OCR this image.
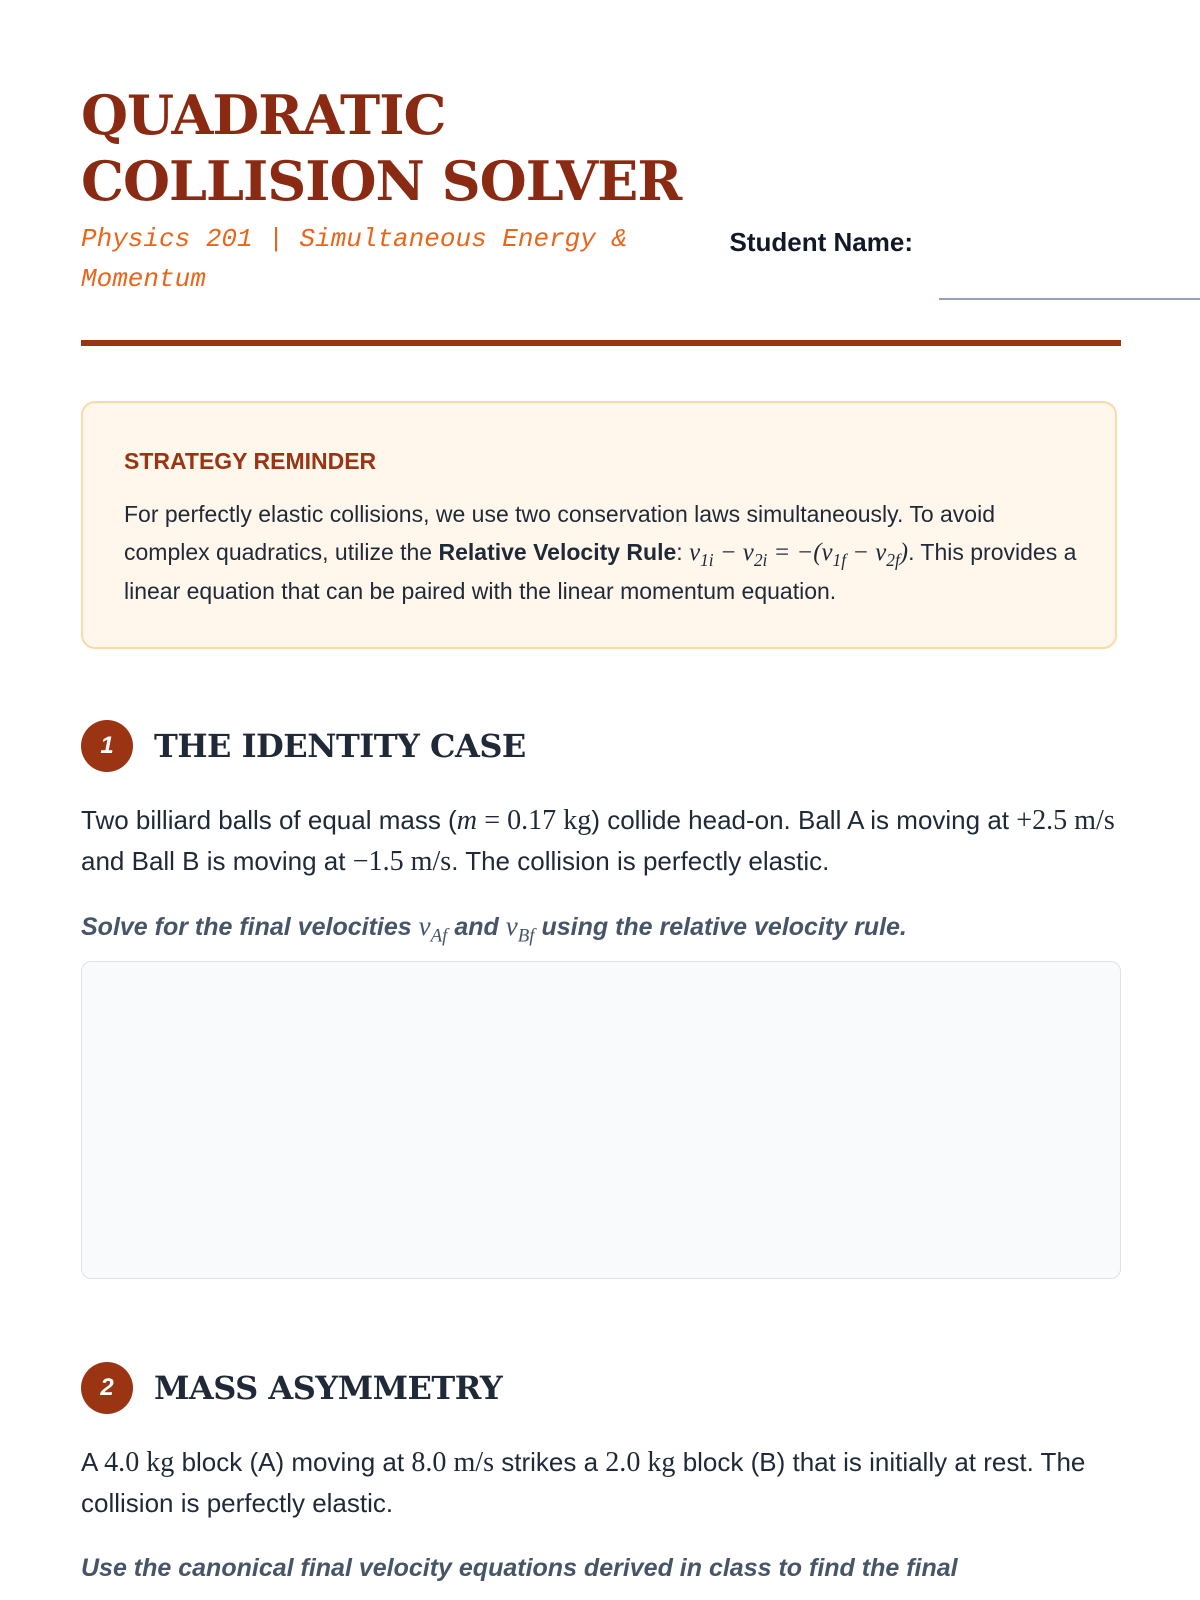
QUADRATIC
COLLISION SOLVER
Physics 201 | Simultaneous Energy & Momentum
Student Name:
STRATEGY REMINDER
For perfectly elastic collisions, we use two conservation laws simultaneously. To avoid complex quadratics, utilize the Relative Velocity Rule: $v_{1i} - v_{2i} = -(v_{1f} - v_{2f})$. This provides a linear equation that can be paired with the linear momentum equation.
1	THE IDENTITY CASE
Two billiard balls of equal mass (m = 0.17 kg) collide head-on. Ball A is moving at +2.5 m/s and Ball B is moving at −1.5 m/s. The collision is perfectly elastic.
Solve for the final velocities $v_{Af}$ and $v_{Bf}$ using the relative velocity rule.
2	MASS ASYMMETRY
A 4.0 kg block (A) moving at 8.0 m/s strikes a 2.0 kg block (B) that is initially at rest. The collision is perfectly elastic.
Use the canonical final velocity equations derived in class to find the final
